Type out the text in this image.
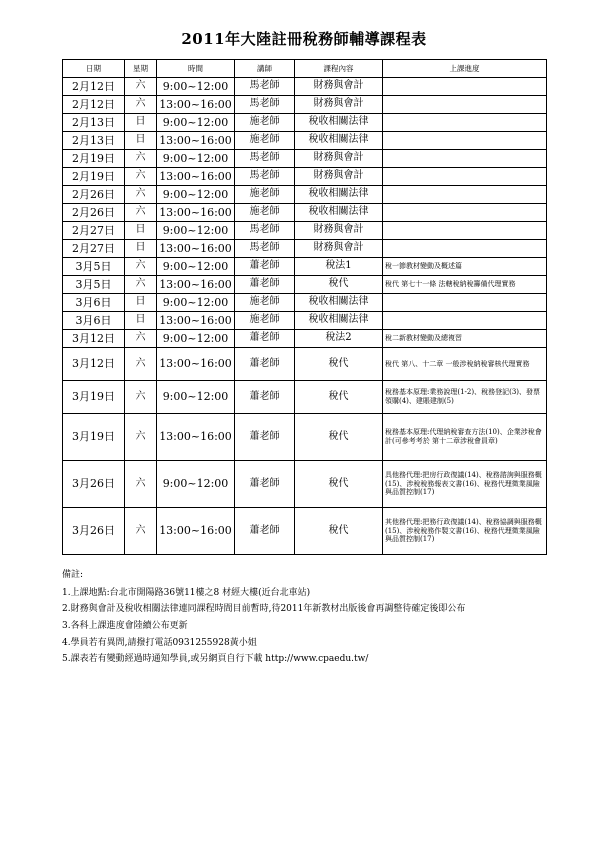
2011年大陸註冊稅務師輔導課程表
日期	星期	時間	講師	課程內容	上課進度
2月12日	六	9:00~12:00	馬老師	財務與會計	
2月12日	六	13:00~16:00	馬老師	財務與會計	
2月13日	日	9:00~12:00	施老師	稅收相關法律	
2月13日	日	13:00~16:00	施老師	稅收相關法律	
2月19日	六	9:00~12:00	馬老師	財務與會計	
2月19日	六	13:00~16:00	馬老師	財務與會計	
2月26日	六	9:00~12:00	施老師	稅收相關法律	
2月26日	六	13:00~16:00	施老師	稅收相關法律	
2月27日	日	9:00~12:00	馬老師	財務與會計	
2月27日	日	13:00~16:00	馬老師	財務與會計	
3月5日	六	9:00~12:00	蕭老師	稅法1	稅一節教材變動及概述篇
3月5日	六	13:00~16:00	蕭老師	稅代	稅代 第七十一條 法轄稅納稅籌備代理實務
3月6日	日	9:00~12:00	施老師	稅收相關法律	
3月6日	日	13:00~16:00	施老師	稅收相關法律	
3月12日	六	9:00~12:00	蕭老師	稅法2	稅二新教材變動及總複習
3月12日	六	13:00~16:00	蕭老師	稅代	稅代 第八、十二章 一般涉稅納稅審核代理實務
3月19日	六	9:00~12:00	蕭老師	稅代	稅務基本原理:業務說理(1-2)、稅務登記(3)、發票領購(4)、建賬建制(5)
3月19日	六	13:00~16:00	蕭老師	稅代	稅務基本原理:代理納稅審查方法(10)、企業涉稅會計(可參考考於 第十二章涉稅會員章)
3月26日	六	9:00~12:00	蕭老師	稅代	具他務代理:把房行政復議(14)、稅務諮詢與服務概(15)、涉稅稅務報表文書(16)、稅務代理徵業風險與品質控制(17)
3月26日	六	13:00~16:00	蕭老師	稅代	其他務代理:把務行政復議(14)、稅務協調與服務概(15)、涉稅稅務作製文書(16)、稅務代理徵業風險與品質控制(17)
備註:
1.上課地點:台北市開陽路36號11樓之8 材經大樓(近台北車站)
2.財務與會計及稅收相關法律連同課程時間目前暫時,待2011年新教材出版後會再調整待確定後即公布
3.各科上課進度會陸續公布更新
4.學員若有異問,請撥打電話0931255928黃小姐
5.課表若有變動經過時通知學員,或另網頁自行下載 http://www.cpaedu.tw/
